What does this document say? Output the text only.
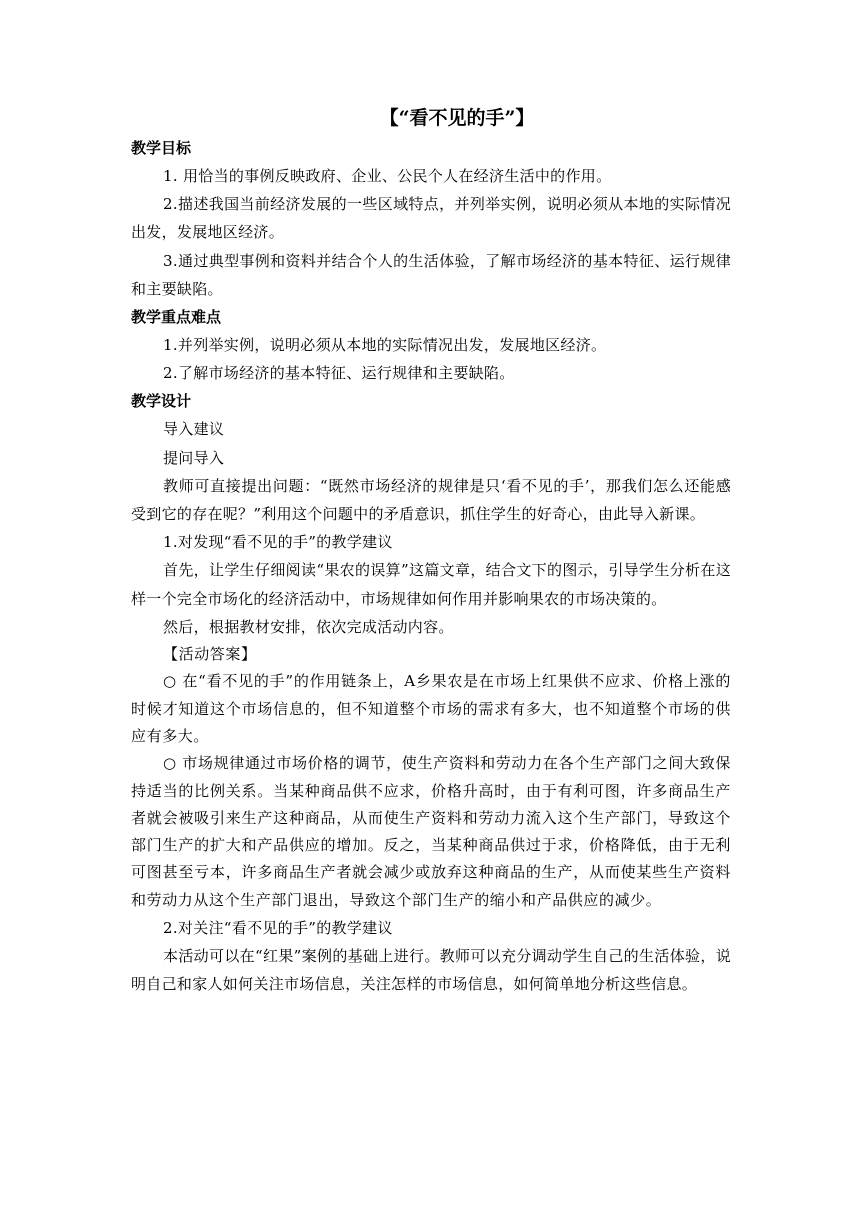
【“看不见的手”】

教学目标

1. 用恰当的事例反映政府、企业、公民个人在经济生活中的作用。

2.描述我国当前经济发展的一些区域特点，并列举实例，说明必须从本地的实际情况出发，发展地区经济。

3.通过典型事例和资料并结合个人的生活体验，了解市场经济的基本特征、运行规律和主要缺陷。

教学重点难点

1.并列举实例，说明必须从本地的实际情况出发，发展地区经济。

2.了解市场经济的基本特征、运行规律和主要缺陷。

教学设计

导入建议

提问导入

教师可直接提出问题：“既然市场经济的规律是只‘看不见的手’，那我们怎么还能感受到它的存在呢？”利用这个问题中的矛盾意识，抓住学生的好奇心，由此导入新课。

1.对发现“看不见的手”的教学建议

首先，让学生仔细阅读“果农的误算”这篇文章，结合文下的图示，引导学生分析在这样一个完全市场化的经济活动中，市场规律如何作用并影响果农的市场决策的。

然后，根据教材安排，依次完成活动内容。

【活动答案】

○ 在“看不见的手”的作用链条上，A乡果农是在市场上红果供不应求、价格上涨的时候才知道这个市场信息的，但不知道整个市场的需求有多大，也不知道整个市场的供应有多大。

○ 市场规律通过市场价格的调节，使生产资料和劳动力在各个生产部门之间大致保持适当的比例关系。当某种商品供不应求，价格升高时，由于有利可图，许多商品生产者就会被吸引来生产这种商品，从而使生产资料和劳动力流入这个生产部门，导致这个部门生产的扩大和产品供应的增加。反之，当某种商品供过于求，价格降低，由于无利可图甚至亏本，许多商品生产者就会减少或放弃这种商品的生产，从而使某些生产资料和劳动力从这个生产部门退出，导致这个部门生产的缩小和产品供应的减少。

2.对关注“看不见的手”的教学建议

本活动可以在“红果”案例的基础上进行。教师可以充分调动学生自己的生活体验，说明自己和家人如何关注市场信息，关注怎样的市场信息，如何简单地分析这些信息。
